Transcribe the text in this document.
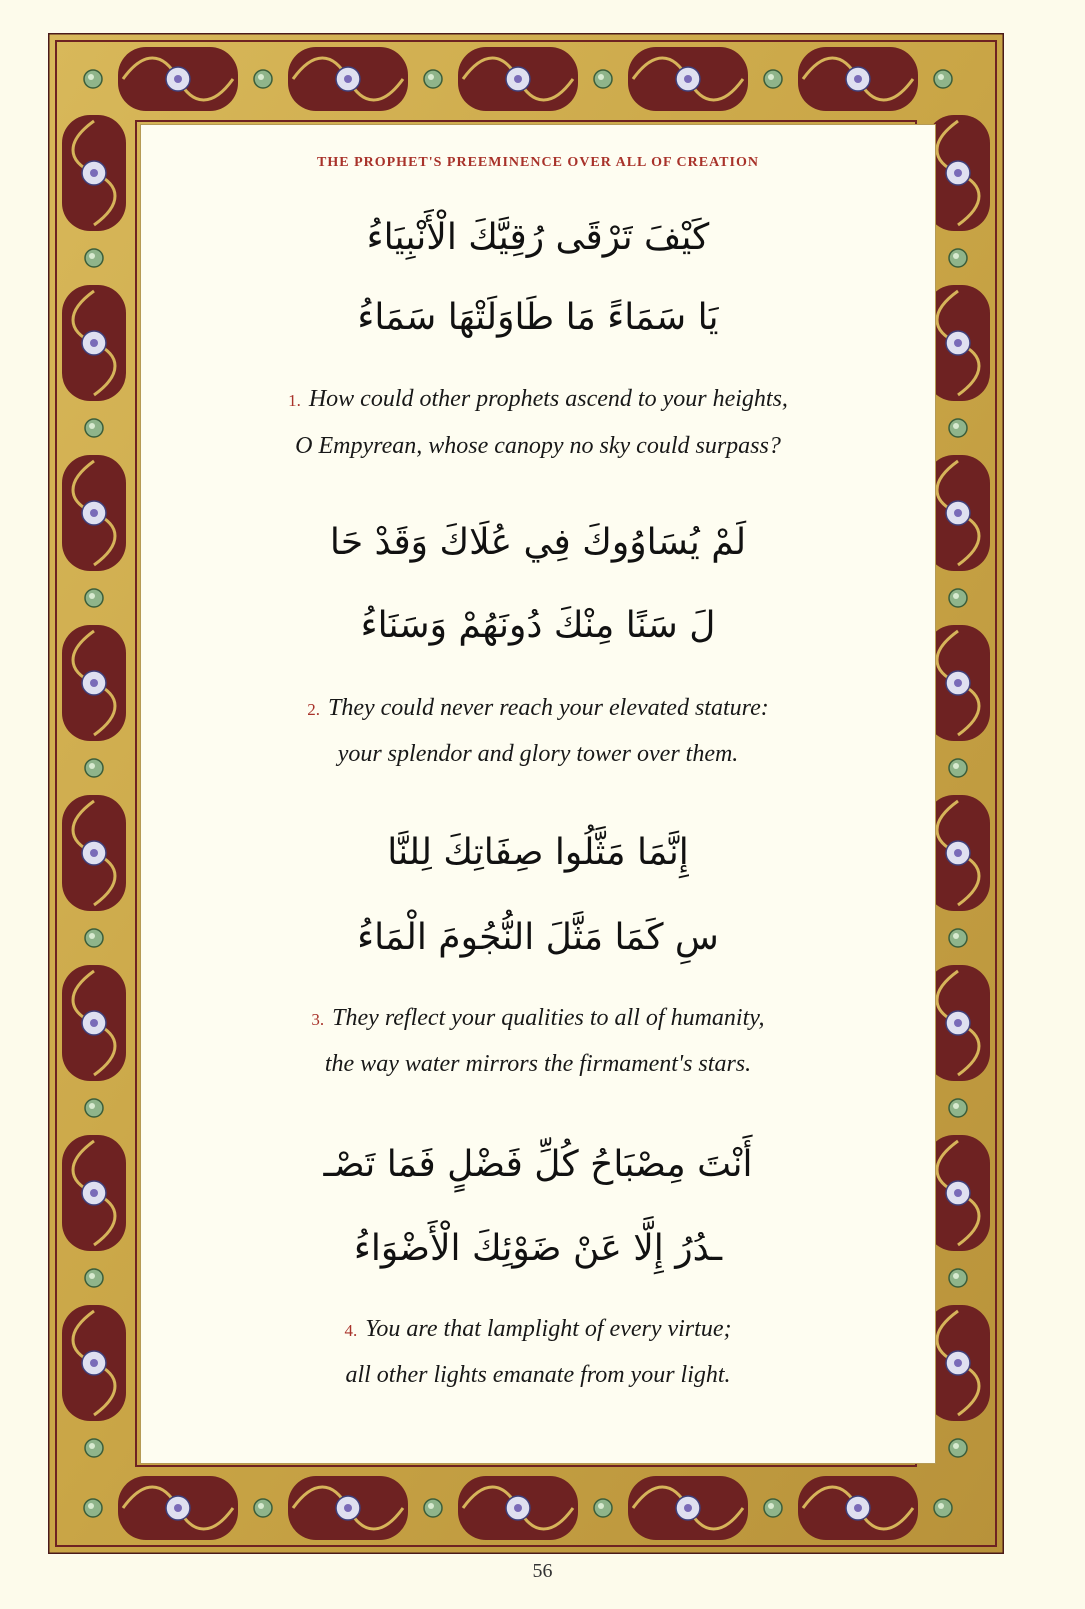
THE PROPHET'S PREEMINENCE OVER ALL OF CREATION
كَيْفَ تَرْقَى رُقِيَّكَ الْأَنْبِيَاءُ
يَا سَمَاءً مَا طَاوَلَتْهَا سَمَاءُ
1. How could other prophets ascend to your heights,
O Empyrean, whose canopy no sky could surpass?
لَمْ يُسَاوُوكَ فِي عُلَاكَ وَقَدْ حَا
لَ سَنًا مِنْكَ دُونَهُمْ وَسَنَاءُ
2. They could never reach your elevated stature:
your splendor and glory tower over them.
إِنَّمَا مَثَّلُوا صِفَاتِكَ لِلنَّا
سِ كَمَا مَثَّلَ النُّجُومَ الْمَاءُ
3. They reflect your qualities to all of humanity,
the way water mirrors the firmament's stars.
أَنْتَ مِصْبَاحُ كُلِّ فَضْلٍ فَمَا تَصْـ
ـدُرُ إِلَّا عَنْ ضَوْئِكَ الْأَضْوَاءُ
4. You are that lamplight of every virtue;
all other lights emanate from your light.
56
